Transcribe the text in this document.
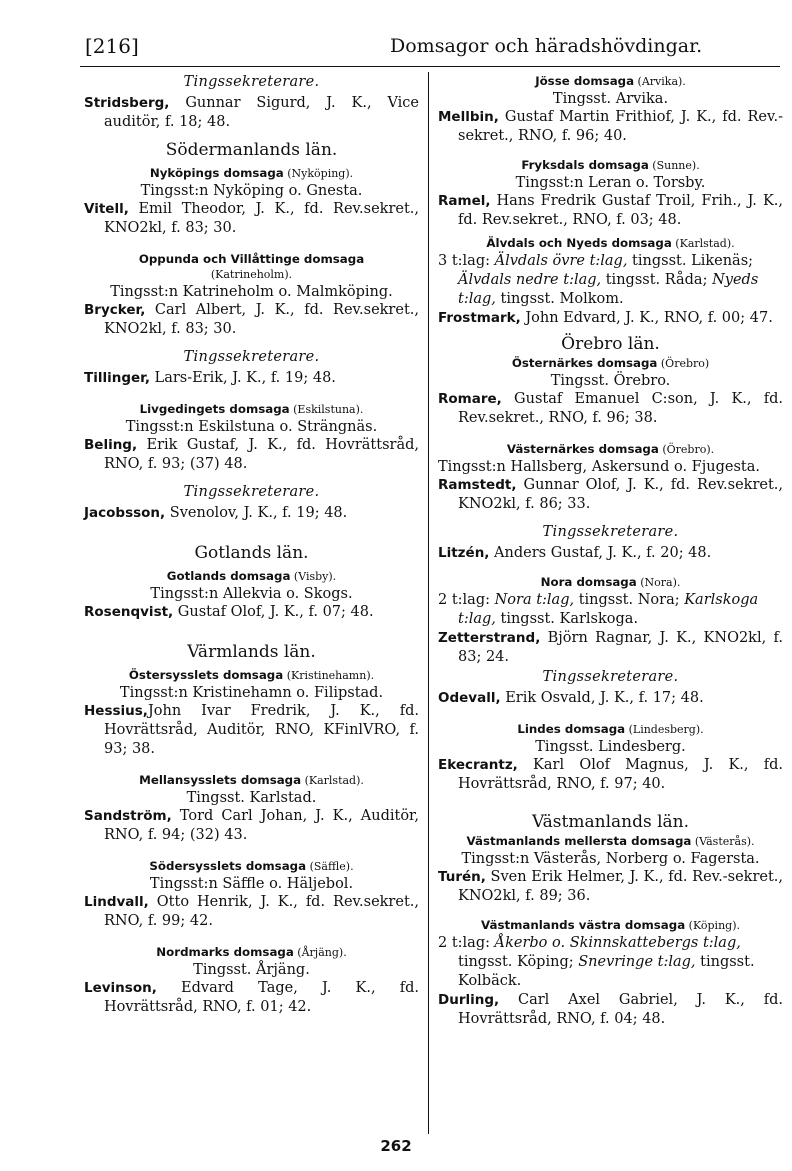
[216]	Domsagor och häradshövdingar.
Tingssekreterare.
Stridsberg, Gunnar Sigurd, J. K., Vice auditör, f. 18; 48.
Södermanlands län.
Nyköpings domsaga (Nyköping).
Tingsst:n Nyköping o. Gnesta.
Vitell, Emil Theodor, J. K., fd. Rev.sekret., KNO2kl, f. 83; 30.
Oppunda och Villåttinge domsaga
(Katrineholm).
Tingsst:n Katrineholm o. Malmköping.
Brycker, Carl Albert, J. K., fd. Rev.sekret., KNO2kl, f. 83; 30.
Tingssekreterare.
Tillinger, Lars-Erik, J. K., f. 19; 48.
Livgedingets domsaga (Eskilstuna).
Tingsst:n Eskilstuna o. Strängnäs.
Beling, Erik Gustaf, J. K., fd. Hovrättsråd, RNO, f. 93; (37) 48.
Tingssekreterare.
Jacobsson, Svenolov, J. K., f. 19; 48.
Gotlands län.
Gotlands domsaga (Visby).
Tingsst:n Allekvia o. Skogs.
Rosenqvist, Gustaf Olof, J. K., f. 07; 48.
Värmlands län.
Östersysslets domsaga (Kristinehamn).
Tingsst:n Kristinehamn o. Filipstad.
Hessius,John Ivar Fredrik, J. K., fd. Hovrättsråd, Auditör, RNO, KFinlVRO, f. 93; 38.
Mellansysslets domsaga (Karlstad).
Tingsst. Karlstad.
Sandström, Tord Carl Johan, J. K., Auditör, RNO, f. 94; (32) 43.
Södersysslets domsaga (Säffle).
Tingsst:n Säffle o. Häljebol.
Lindvall, Otto Henrik, J. K., fd. Rev.sekret., RNO, f. 99; 42.
Nordmarks domsaga (Årjäng).
Tingsst. Årjäng.
Levinson, Edvard Tage, J. K., fd. Hovrättsråd, RNO, f. 01; 42.
Jösse domsaga (Arvika).
Tingsst. Arvika.
Mellbin, Gustaf Martin Frithiof, J. K., fd. Rev.-sekret., RNO, f. 96; 40.
Fryksdals domsaga (Sunne).
Tingsst:n Leran o. Torsby.
Ramel, Hans Fredrik Gustaf Troil, Frih., J. K., fd. Rev.sekret., RNO, f. 03; 48.
Älvdals och Nyeds domsaga (Karlstad).
3 t:lag: Älvdals övre t:lag, tingsst. Likenäs; Älvdals nedre t:lag, tingsst. Råda; Nyeds t:lag, tingsst. Molkom.
Frostmark, John Edvard, J. K., RNO, f. 00; 47.
Örebro län.
Östernärkes domsaga (Örebro)
Tingsst. Örebro.
Romare, Gustaf Emanuel C:son, J. K., fd. Rev.sekret., RNO, f. 96; 38.
Västernärkes domsaga (Örebro).
Tingsst:n Hallsberg, Askersund o. Fjugesta.
Ramstedt, Gunnar Olof, J. K., fd. Rev.sekret., KNO2kl, f. 86; 33.
Tingssekreterare.
Litzén, Anders Gustaf, J. K., f. 20; 48.
Nora domsaga (Nora).
2 t:lag: Nora t:lag, tingsst. Nora; Karlskoga t:lag, tingsst. Karlskoga.
Zetterstrand, Björn Ragnar, J. K., KNO2kl, f. 83; 24.
Tingssekreterare.
Odevall, Erik Osvald, J. K., f. 17; 48.
Lindes domsaga (Lindesberg).
Tingsst. Lindesberg.
Ekecrantz, Karl Olof Magnus, J. K., fd. Hovrättsråd, RNO, f. 97; 40.
Västmanlands län.
Västmanlands mellersta domsaga (Västerås).
Tingsst:n Västerås, Norberg o. Fagersta.
Turén, Sven Erik Helmer, J. K., fd. Rev.-sekret., KNO2kl, f. 89; 36.
Västmanlands västra domsaga (Köping).
2 t:lag: Åkerbo o. Skinnskattebergs t:lag, tingsst. Köping; Snevringe t:lag, tingsst. Kolbäck.
Durling, Carl Axel Gabriel, J. K., fd. Hovrättsråd, RNO, f. 04; 48.
262
